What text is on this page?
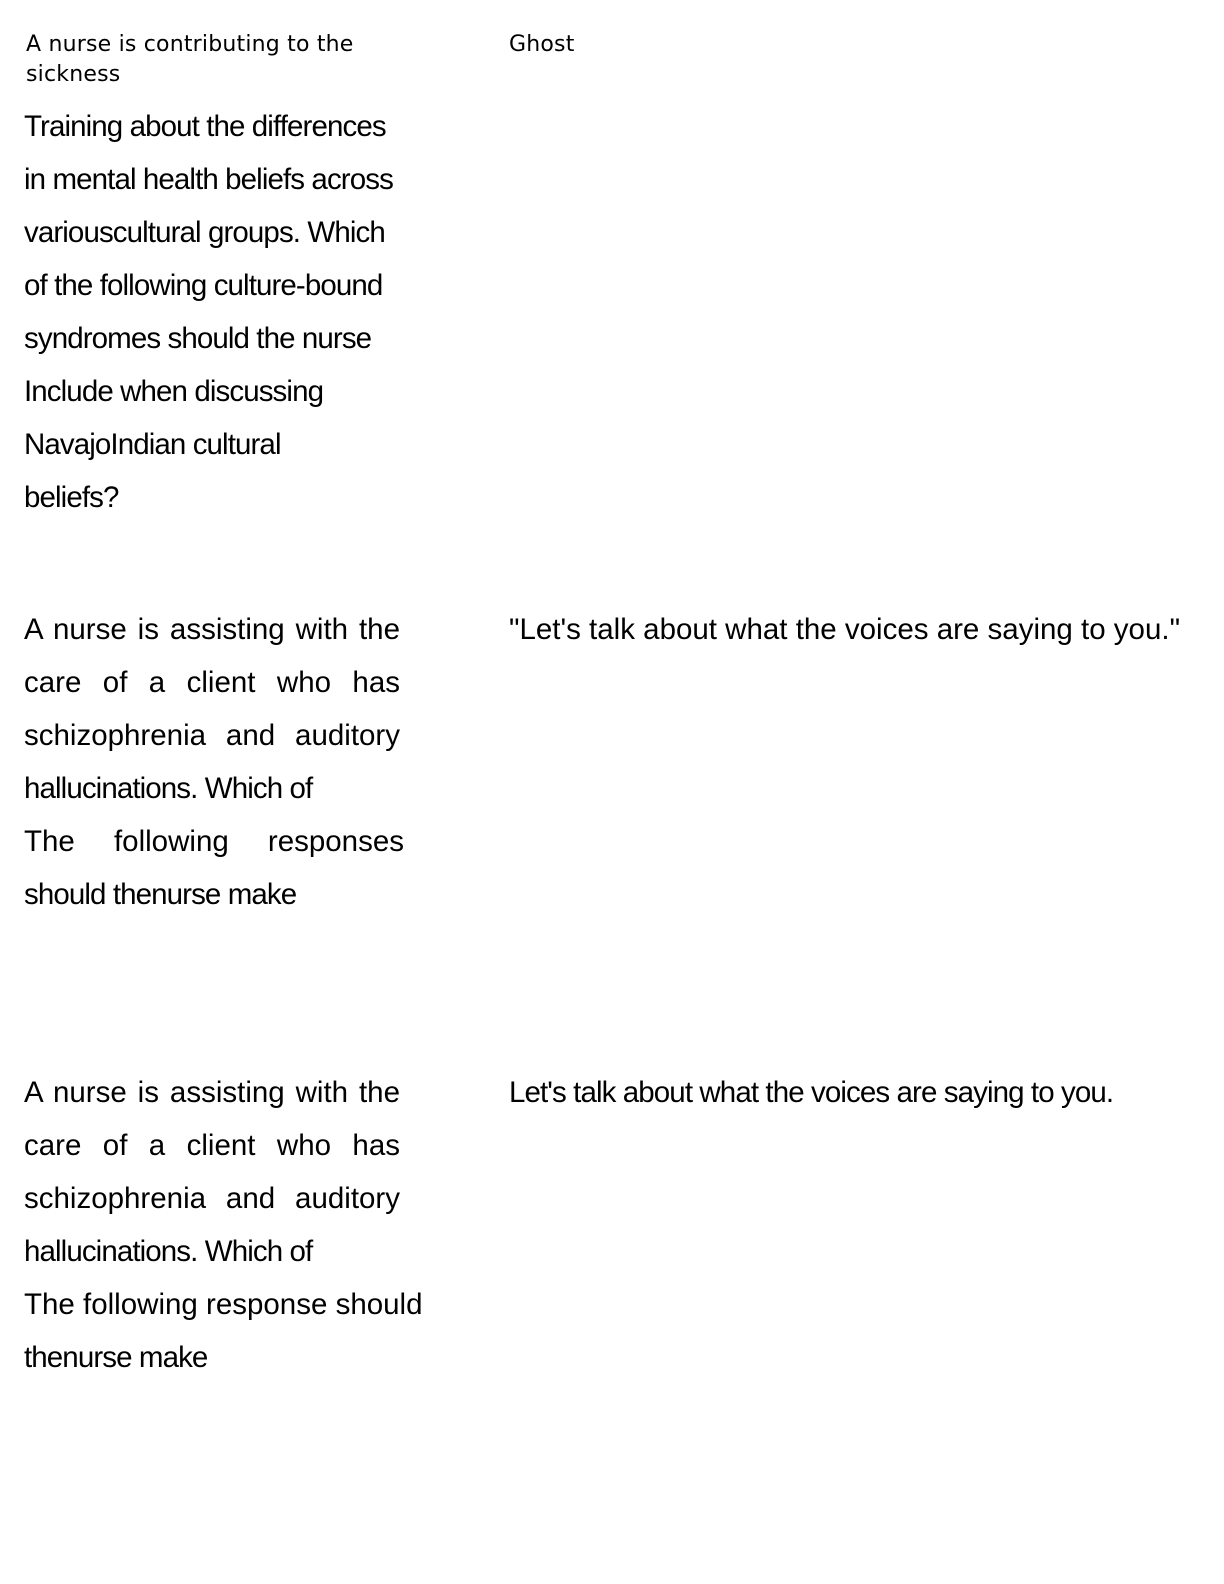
A nurse is contributing to the
sickness
Ghost
Training about the differences
in mental health beliefs across
variouscultural groups. Which
of the following culture-bound
syndromes should the nurse
Include when discussing
NavajoIndian cultural
beliefs?
A nurse is assisting with the
care of a client who has
schizophrenia and auditory
hallucinations. Which of
The following responses
should thenurse make
"Let's talk about what the voices are saying to you."
A nurse is assisting with the
care of a client who has
schizophrenia and auditory
hallucinations. Which of
The following response should
thenurse make
Let's talk about what the voices are saying to you.
